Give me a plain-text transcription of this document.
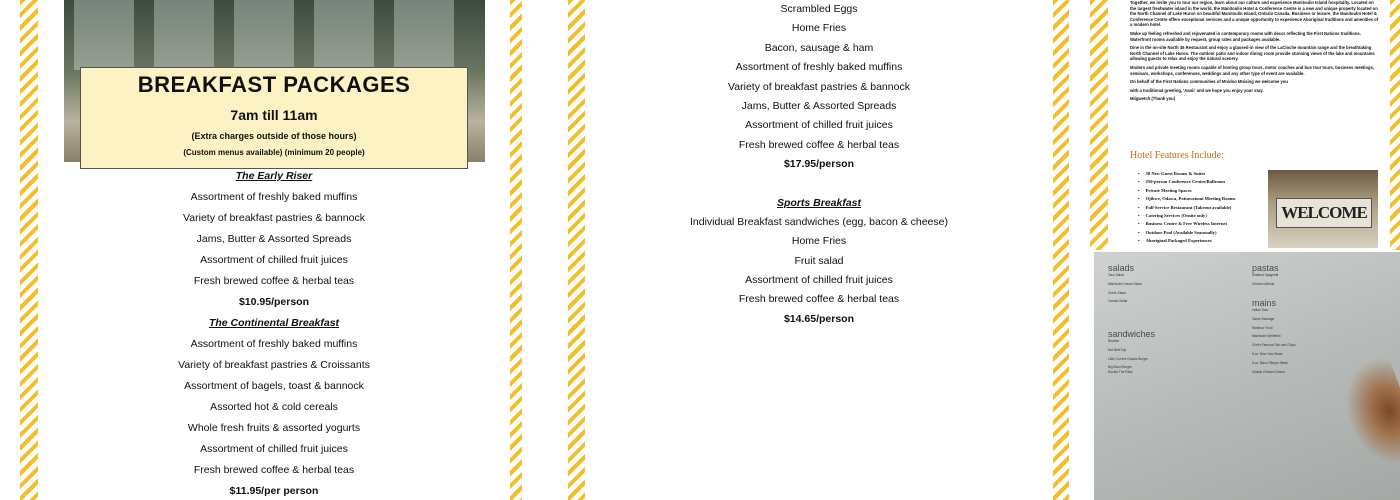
BREAKFAST PACKAGES
7am till 11am
(Extra charges outside of those hours)
(Custom menus available) (minimum 20 people)
The Early Riser
Assortment of freshly baked muffins
Variety of breakfast pastries & bannock
Jams, Butter & Assorted Spreads
Assortment of chilled fruit juices
Fresh brewed coffee & herbal teas
$10.95/person
The Continental Breakfast
Assortment of freshly baked muffins
Variety of breakfast pastries & Croissants
Assortment of bagels, toast & bannock
Assorted hot & cold cereals
Whole fresh fruits & assorted yogurts
Assortment of chilled fruit juices
Fresh brewed coffee & herbal teas
$11.95/per person
Scrambled Eggs
Home Fries
Bacon, sausage & ham
Assortment of freshly baked muffins
Variety of breakfast pastries & bannock
Jams, Butter & Assorted Spreads
Assortment of chilled fruit juices
Fresh brewed coffee & herbal teas
$17.95/person
Sports Breakfast
Individual Breakfast sandwiches (egg, bacon & cheese)
Home Fries
Fruit salad
Assortment of chilled fruit juices
Fresh brewed coffee & herbal teas
$14.65/person

Together, we invite you to tour our region, learn about our culture and experience Manitoulin Island hospitality. Located on the largest freshwater island in the world, the Manitoulin Hotel & Conference Centre is a new and unique property located on the North Channel of Lake Huron on beautiful Manitoulin Island, Ontario Canada. Business or leisure, the Manitoulin Hotel & Conference Centre offers exceptional services and a unique opportunity to experience Aboriginal traditions and amenities of a modern hotel.

Wake up feeling refreshed and rejuvenated in contemporary rooms with decor reflecting the First Nations traditions. Waterfront rooms available by request, group rates and packages available.

Dine in the on-site North 46 Restaurant and enjoy a glassed-in view of the LaCloche mountain range and the breathtaking North Channel of Lake Huron. The outdoor patio and indoor dining room provide stunning views of the lake and mountains allowing guests to relax and enjoy the natural scenery.

Modern and private meeting rooms capable of hosting group tours, motor coaches and bus tour tours, business meetings, seminars, workshops, conferences, weddings and any other type of event are available.

On behalf of the First Nations communities of Mnidoo Mnising we welcome you

with a traditional greeting, 'Aanii' and we hope you enjoy your stay.

Miigwetch (Thank you)

Hotel Features Include:
• 58 New Guest Rooms & Suites
• 250-person Conference Centre/Ballroom
• Private Meeting Spaces
• Ojibwe, Odawa, Pottawatomi Meeting Rooms
• Full-Service Restaurant (Takeout available)
• Catering Services (Onsite only)
• Business Centre & Free Wireless Internet
• Outdoor Pool (Available Seasonally)
• Aboriginal Packaged Experiences
WELCOME
salads
Taco Salad

Manitoulin House Salad

Greek Salad

Caesar Salad

sandwiches
Reuben

Hot Beef Dip

Little Current Classic Burger

Big Bison Burger
Double The Patty
pastas
Seafood Spaghetti

Chicken Alfredo

mains
Indian Taco

Game Sausage

Rainbow Trout

Manitoulin Whitefish

Chef's Famous Fish and Chips

8 oz. New York Steak

8 oz. Bison Ribeye Steak

Classic Chicken Dinner
